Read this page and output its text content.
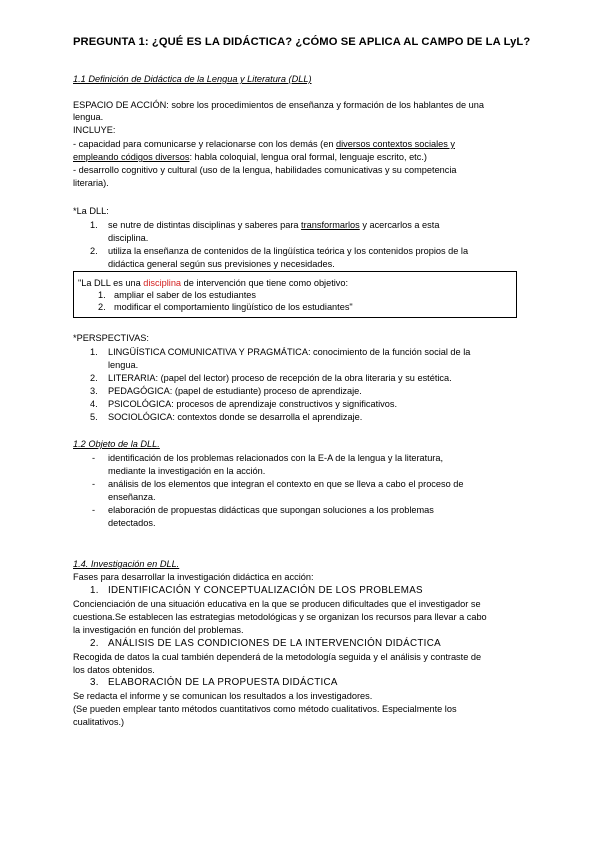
PREGUNTA 1: ¿QUÉ ES LA DIDÁCTICA? ¿CÓMO SE APLICA AL CAMPO DE LA LyL?
1.1 Definición de Didáctica de la Lengua y Literatura (DLL)
ESPACIO DE ACCIÓN: sobre los procedimientos de enseñanza y formación de los hablantes de una
lengua.
INCLUYE:
- capacidad para comunicarse y relacionarse con los demás (en diversos contextos sociales y
empleando códigos diversos: habla coloquial, lengua oral formal, lenguaje escrito, etc.)
- desarrollo cognitivo y cultural (uso de la lengua, habilidades comunicativas y su competencia
literaria).
*La DLL:
1. se nutre de distintas disciplinas y saberes para transformarlos y acercarlos a esta
disciplina.
2. utiliza la enseñanza de contenidos de la lingüística teórica y los contenidos propios de la
didáctica general según sus previsiones y necesidades.
"La DLL es una disciplina de intervención que tiene como objetivo:
1. ampliar el saber de los estudiantes
2. modificar el comportamiento lingüístico de los estudiantes"
*PERSPECTIVAS:
1. LINGÜÍSTICA COMUNICATIVA Y PRAGMÁTICA: conocimiento de la función social de la
lengua.
2. LITERARIA: (papel del lector) proceso de recepción de la obra literaria y su estética.
3. PEDAGÓGICA: (papel de estudiante) proceso de aprendizaje.
4. PSICOLÓGICA: procesos de aprendizaje constructivos y significativos.
5. SOCIOLÓGICA: contextos donde se desarrolla el aprendizaje.
1.2 Objeto de la DLL.
- identificación de los problemas relacionados con la E-A de la lengua y la literatura,
mediante la investigación en la acción.
- análisis de los elementos que integran el contexto en que se lleva a cabo el proceso de
enseñanza.
- elaboración de propuestas didácticas que supongan soluciones a los problemas
detectados.
1.4. Investigación en DLL.
Fases para desarrollar la investigación didáctica en acción:
1. IDENTIFICACIÓN Y CONCEPTUALIZACIÓN DE LOS PROBLEMAS
Concienciación de una situación educativa en la que se producen dificultades que el investigador se
cuestiona.Se establecen las estrategias metodológicas y se organizan los recursos para llevar a cabo
la investigación en función del problemas.
2. ANÁLISIS DE LAS CONDICIONES DE LA INTERVENCIÓN DIDÁCTICA
Recogida de datos la cual también dependerá de la metodología seguida y el análisis y contraste de
los datos obtenidos.
3. ELABORACIÓN DE LA PROPUESTA DIDÁCTICA
Se redacta el informe y se comunican los resultados a los investigadores.
(Se pueden emplear tanto métodos cuantitativos como método cualitativos. Especialmente los
cualitativos.)
